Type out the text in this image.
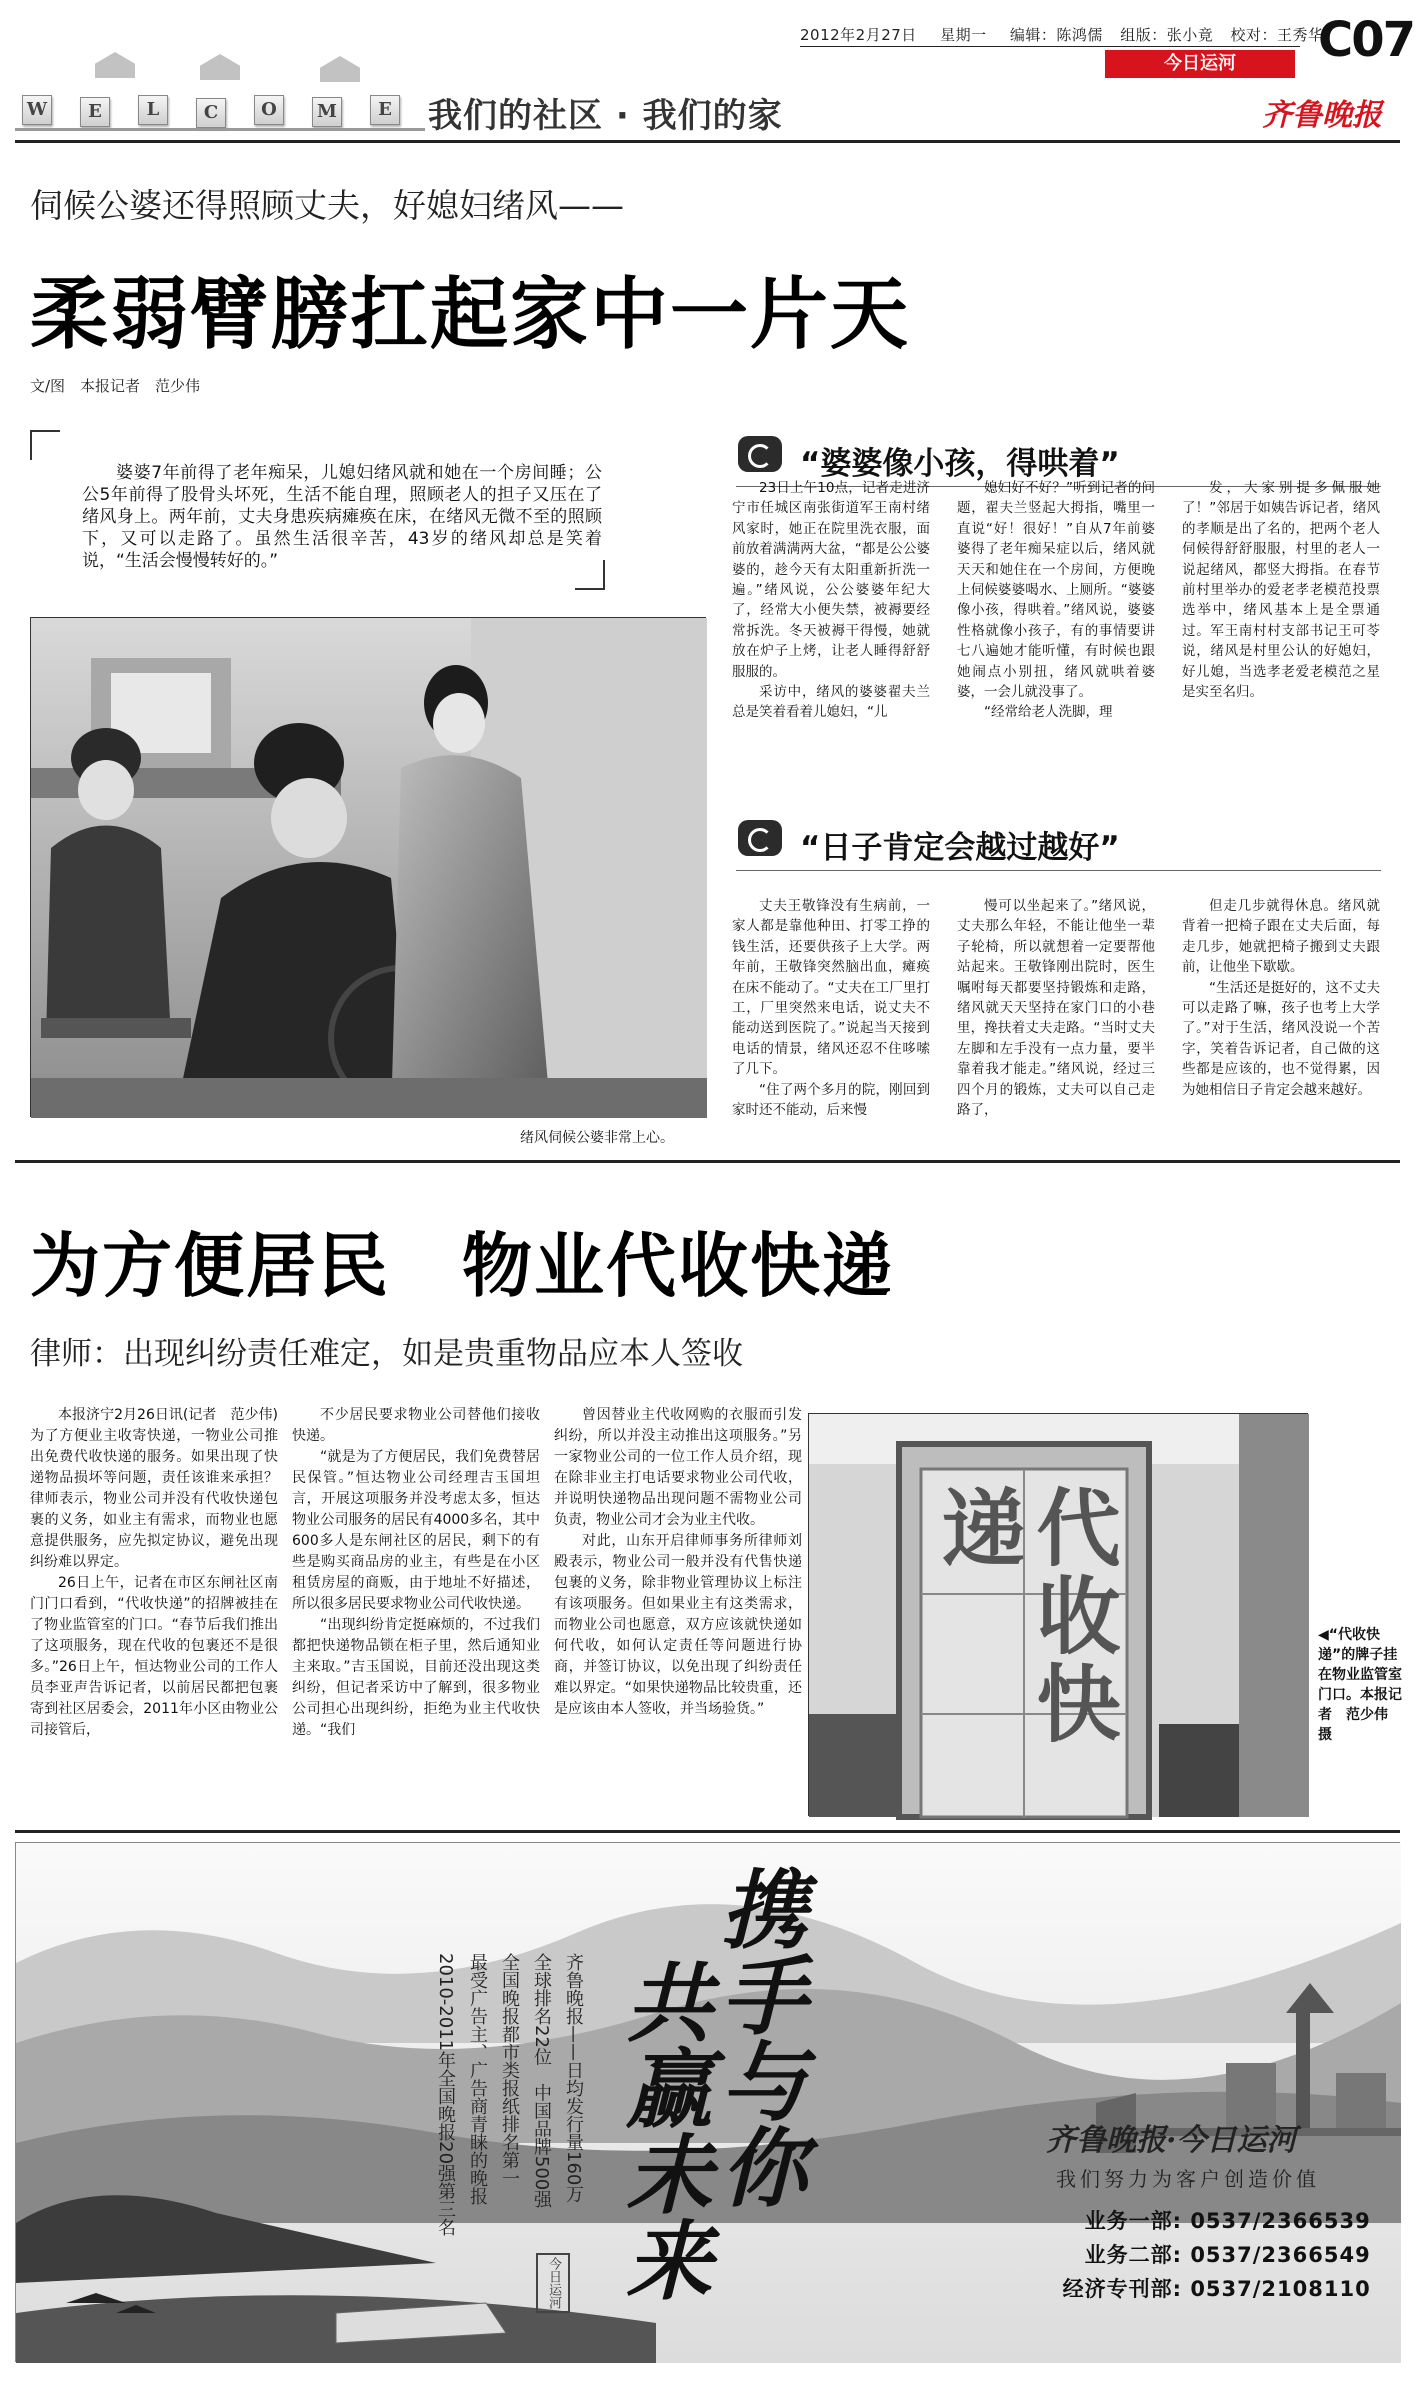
W	E	L	C	O	M	E 我们的社区 · 我们的家
2012年2月27日 星期一 编辑：陈鸿儒 组版：张小竟 校对：王秀华
C07
今日运河
齐鲁晚报
伺候公婆还得照顾丈夫，好媳妇绪风——
柔弱臂膀扛起家中一片天
文/图　本报记者　范少伟

婆婆7年前得了老年痴呆，儿媳妇绪风就和她在一个房间睡；公公5年前得了股骨头坏死，生活不能自理，照顾老人的担子又压在了绪风身上。两年前，丈夫身患疾病瘫痪在床，在绪风无微不至的照顾下，又可以走路了。虽然生活很辛苦，43岁的绪风却总是笑着说，“生活会慢慢转好的。”

绪风伺候公婆非常上心。
“婆婆像小孩，得哄着”

23日上午10点，记者走进济宁市任城区南张街道军王南村绪风家时，她正在院里洗衣服，面前放着满满两大盆，“都是公公婆婆的，趁今天有太阳重新折洗一遍。”绪风说，公公婆婆年纪大了，经常大小便失禁，被褥要经常拆洗。冬天被褥干得慢，她就放在炉子上烤，让老人睡得舒舒服服的。

采访中，绪风的婆婆翟夫兰总是笑着看着儿媳妇，“儿

媳妇好不好？”听到记者的问题，翟夫兰竖起大拇指，嘴里一直说“好！很好！”自从7年前婆婆得了老年痴呆症以后，绪风就天天和她住在一个房间，方便晚上伺候婆婆喝水、上厕所。“婆婆像小孩，得哄着。”绪风说，婆婆性格就像小孩子，有的事情要讲七八遍她才能听懂，有时候也跟她闹点小别扭，绪风就哄着婆婆，一会儿就没事了。

“经常给老人洗脚，理

发，大家别提多佩服她了！”邻居于如姨告诉记者，绪风的孝顺是出了名的，把两个老人伺候得舒舒服服，村里的老人一说起绪风，都竖大拇指。在春节前村里举办的爱老孝老模范投票选举中，绪风基本上是全票通过。军王南村村支部书记王可苓说，绪风是村里公认的好媳妇，好儿媳，当选孝老爱老模范之星是实至名归。

“日子肯定会越过越好”

丈夫王敬锋没有生病前，一家人都是靠他种田、打零工挣的钱生活，还要供孩子上大学。两年前，王敬锋突然脑出血，瘫痪在床不能动了。“丈夫在工厂里打工，厂里突然来电话，说丈夫不能动送到医院了。”说起当天接到电话的情景，绪风还忍不住哆嗦了几下。

“住了两个多月的院，刚回到家时还不能动，后来慢

慢可以坐起来了。”绪风说，丈夫那么年轻，不能让他坐一辈子轮椅，所以就想着一定要帮他站起来。王敬锋刚出院时，医生嘱咐每天都要坚持锻炼和走路，绪风就天天坚持在家门口的小巷里，搀扶着丈夫走路。“当时丈夫左脚和左手没有一点力量，要半靠着我才能走。”绪风说，经过三四个月的锻炼，丈夫可以自己走路了，

但走几步就得休息。绪风就背着一把椅子跟在丈夫后面，每走几步，她就把椅子搬到丈夫跟前，让他坐下歇歇。

“生活还是挺好的，这不丈夫可以走路了嘛，孩子也考上大学了。”对于生活，绪风没说一个苦字，笑着告诉记者，自己做的这些都是应该的，也不觉得累，因为她相信日子肯定会越来越好。

为方便居民　物业代收快递
律师：出现纠纷责任难定，如是贵重物品应本人签收

本报济宁2月26日讯(记者　范少伟)　为了方便业主收寄快递，一物业公司推出免费代收快递的服务。如果出现了快递物品损坏等问题，责任该谁来承担？律师表示，物业公司并没有代收快递包裹的义务，如业主有需求，而物业也愿意提供服务，应先拟定协议，避免出现纠纷难以界定。

26日上午，记者在市区东闸社区南门门口看到，“代收快递”的招牌被挂在了物业监管室的门口。“春节后我们推出了这项服务，现在代收的包裹还不是很多。”26日上午，恒达物业公司的工作人员李亚声告诉记者，以前居民都把包裹寄到社区居委会，2011年小区由物业公司接管后，

不少居民要求物业公司替他们接收快递。

“就是为了方便居民，我们免费替居民保管。”恒达物业公司经理吉玉国坦言，开展这项服务并没考虑太多，恒达物业公司服务的居民有4000多名，其中600多人是东闸社区的居民，剩下的有些是购买商品房的业主，有些是在小区租赁房屋的商贩，由于地址不好描述，所以很多居民要求物业公司代收快递。

“出现纠纷肯定挺麻烦的，不过我们都把快递物品锁在柜子里，然后通知业主来取。”吉玉国说，目前还没出现这类纠纷，但记者采访中了解到，很多物业公司担心出现纠纷，拒绝为业主代收快递。“我们

曾因替业主代收网购的衣服而引发纠纷，所以并没主动推出这项服务。”另一家物业公司的一位工作人员介绍，现在除非业主打电话要求物业公司代收，并说明快递物品出现问题不需物业公司负责，物业公司才会为业主代收。

对此，山东开启律师事务所律师刘殿表示，物业公司一般并没有代售快递包裹的义务，除非物业管理协议上标注有该项服务。但如果业主有这类需求，而物业公司也愿意，双方应该就快递如何代收，如何认定责任等问题进行协商，并签订协议，以免出现了纠纷责任难以界定。“如果快递物品比较贵重，还是应该由本人签收，并当场验货。”	代收快递
◀“代收快递”的牌子挂在物业监管室门口。本报记者　范少伟　摄
携手与你
共赢未来
齐鲁晚报——日均发行量160万
全球排名22位　中国品牌500强
全国晚报都市类报纸排名第一
最受广告主、广告商青睐的晚报
2010-2011年全国晚报20强第三名
今日运河
齐鲁晚报·今日运河
我们努力为客户创造价值
业务一部: 0537/2366539
业务二部: 0537/2366549
经济专刊部: 0537/2108110
